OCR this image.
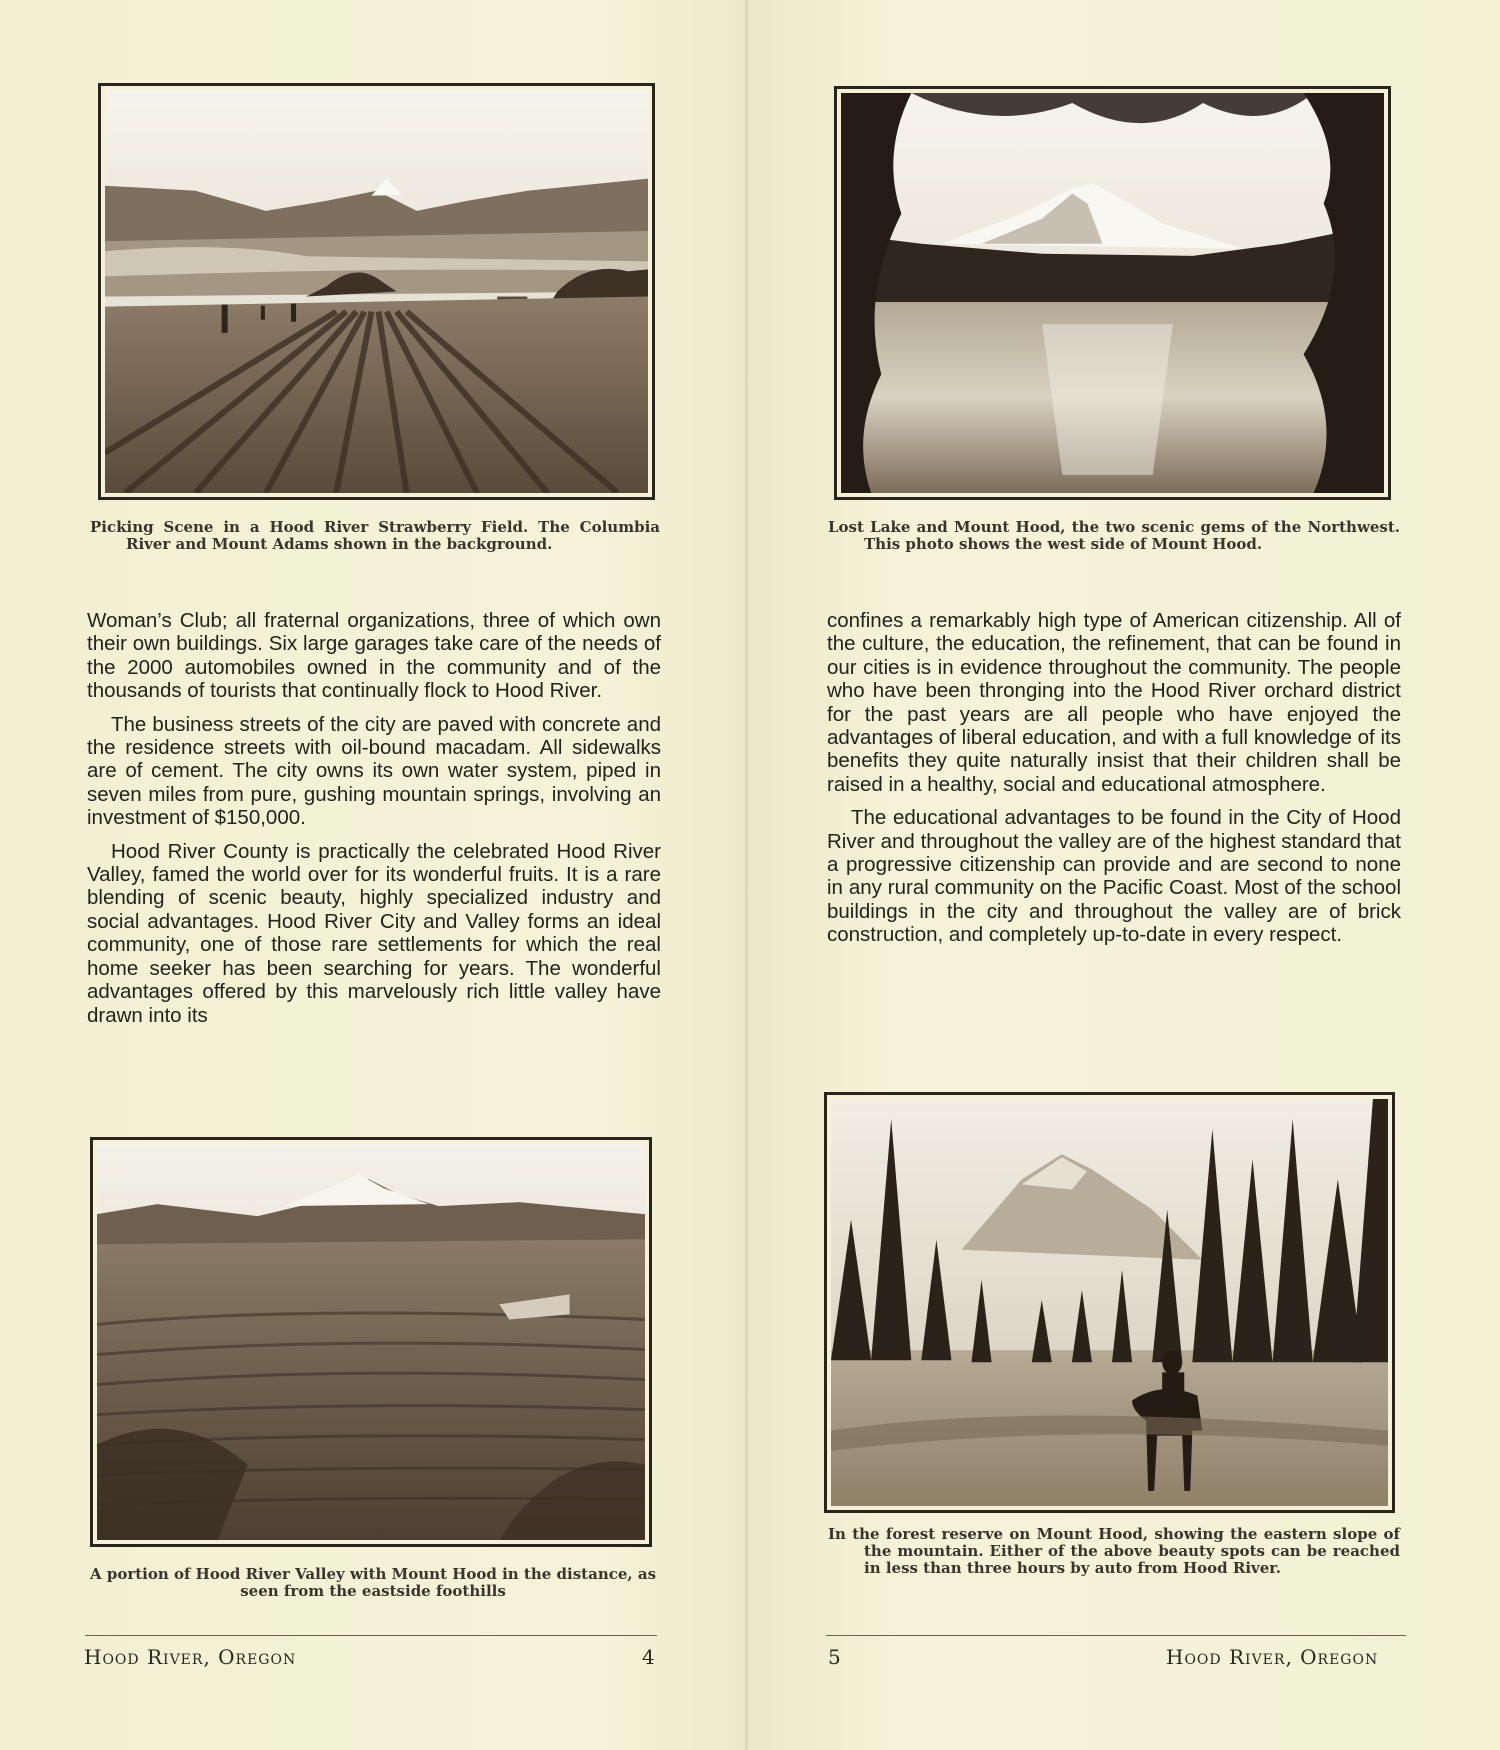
Picking Scene in a Hood River Strawberry Field. The Columbia River and Mount Adams shown in the background.

Woman’s Club; all fraternal organizations, three of which own their own buildings. Six large garages take care of the needs of the 2000 automobiles owned in the community and of the thousands of tourists that continually flock to Hood River.

The business streets of the city are paved with concrete and the residence streets with oil-bound macadam. All sidewalks are of cement. The city owns its own water system, piped in seven miles from pure, gushing mountain springs, involving an investment of $150,000.

Hood River County is practically the celebrated Hood River Valley, famed the world over for its wonderful fruits. It is a rare blending of scenic beauty, highly specialized industry and social advantages. Hood River City and Valley forms an ideal community, one of those rare settlements for which the real home seeker has been searching for years. The wonderful advantages offered by this marvelously rich little valley have drawn into its

A portion of Hood River Valley with Mount Hood in the distance, as seen from the eastside foothills

Hood River, Oregon	4

Lost Lake and Mount Hood, the two scenic gems of the Northwest. This photo shows the west side of Mount Hood.

confines a remarkably high type of American citizenship. All of the culture, the education, the refinement, that can be found in our cities is in evidence throughout the community. The people who have been thronging into the Hood River orchard district for the past years are all people who have enjoyed the advantages of liberal education, and with a full knowledge of its benefits they quite naturally insist that their children shall be raised in a healthy, social and educational atmosphere.

The educational advantages to be found in the City of Hood River and throughout the valley are of the highest standard that a progressive citizenship can provide and are second to none in any rural community on the Pacific Coast. Most of the school buildings in the city and throughout the valley are of brick construction, and completely up-to-date in every respect.

In the forest reserve on Mount Hood, showing the eastern slope of the mountain. Either of the above beauty spots can be reached in less than three hours by auto from Hood River.

5	Hood River, Oregon
